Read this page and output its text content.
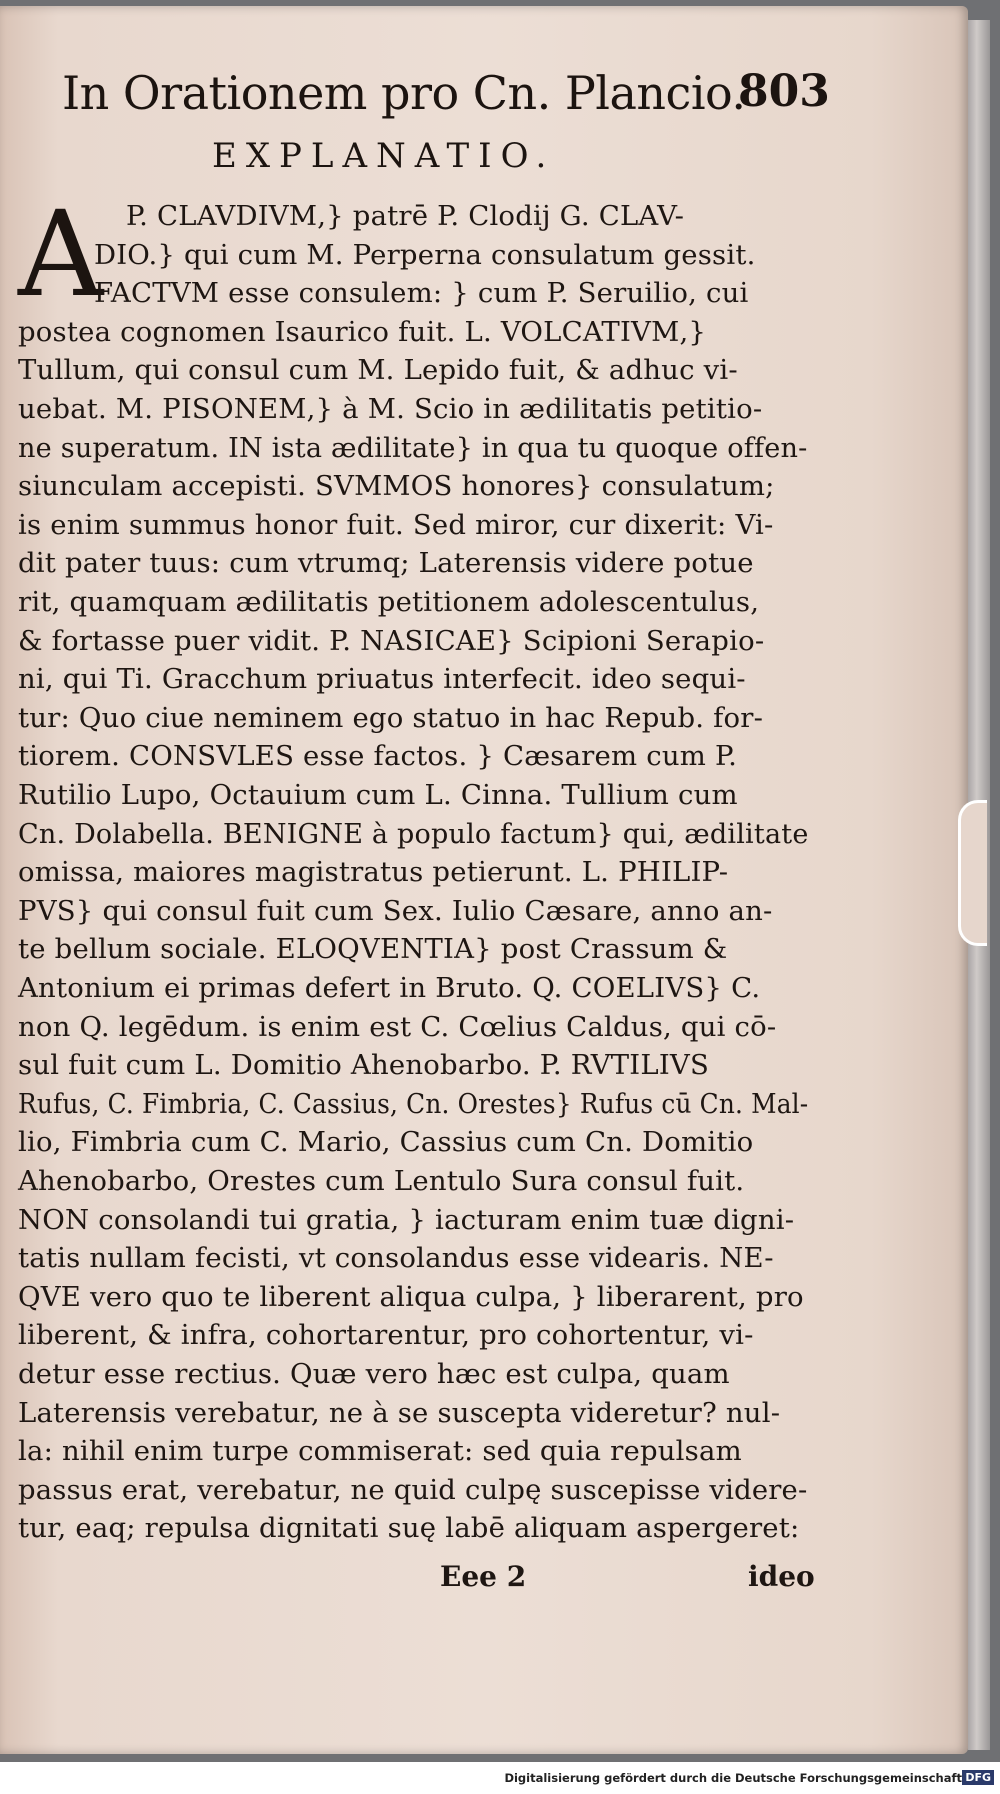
In Orationem pro Cn. Plancio.
803
EXPLANATIO.
A P. CLAVDIVM,} patrē P. Clodij G. CLAV-
DIO.} qui cum M. Perperna consulatum gessit.
FACTVM esse consulem: } cum P. Seruilio, cui
postea cognomen Isaurico fuit. L. VOLCATIVM,}
Tullum, qui consul cum M. Lepido fuit, & adhuc vi-
uebat. M. PISONEM,} à M. Scio in ædilitatis petitio-
ne superatum. IN ista ædilitate} in qua tu quoque offen-
siunculam accepisti. SVMMOS honores} consulatum;
is enim summus honor fuit. Sed miror, cur dixerit: Vi-
dit pater tuus: cum vtrumq; Laterensis videre potue
rit, quamquam ædilitatis petitionem adolescentulus,
& fortasse puer vidit. P. NASICAE} Scipioni Serapio-
ni, qui Ti. Gracchum priuatus interfecit. ideo sequi-
tur: Quo ciue neminem ego statuo in hac Repub. for-
tiorem. CONSVLES esse factos. } Cæsarem cum P.
Rutilio Lupo, Octauium cum L. Cinna. Tullium cum
Cn. Dolabella. BENIGNE à populo factum} qui, ædilitate
omissa, maiores magistratus petierunt. L. PHILIP-
PVS} qui consul fuit cum Sex. Iulio Cæsare, anno an-
te bellum sociale. ELOQVENTIA} post Crassum &
Antonium ei primas defert in Bruto. Q. COELIVS} C.
non Q. legēdum. is enim est C. Cœlius Caldus, qui cō-
sul fuit cum L. Domitio Ahenobarbo. P. RVTILIVS
Rufus, C. Fimbria, C. Cassius, Cn. Orestes} Rufus cū Cn. Mal-
lio, Fimbria cum C. Mario, Cassius cum Cn. Domitio
Ahenobarbo, Orestes cum Lentulo Sura consul fuit.
NON consolandi tui gratia, } iacturam enim tuæ digni-
tatis nullam fecisti, vt consolandus esse videaris. NE-
QVE vero quo te liberent aliqua culpa, } liberarent, pro
liberent, & infra, cohortarentur, pro cohortentur, vi-
detur esse rectius. Quæ vero hæc est culpa, quam
Laterensis verebatur, ne à se suscepta videretur? nul-
la: nihil enim turpe commiserat: sed quia repulsam
passus erat, verebatur, ne quid culpę suscepisse videre-
tur, eaq; repulsa dignitati suę labē aliquam aspergeret:
Eee 2	ideo
Digitalisierung gefördert durch die Deutsche Forschungsgemeinschaft DFG
